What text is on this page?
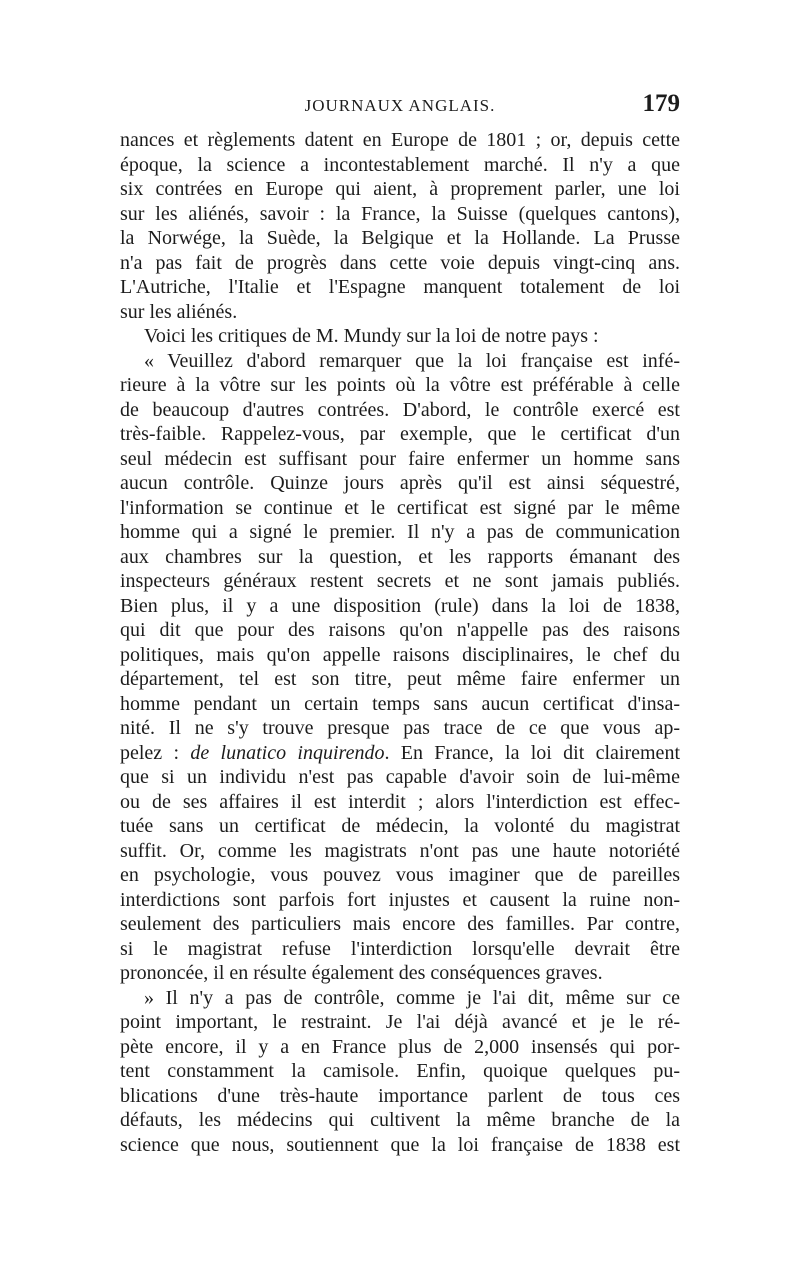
JOURNAUX ANGLAIS.	179
nances et règlements datent en Europe de 1801 ; or, depuis cette
époque, la science a incontestablement marché. Il n'y a que
six contrées en Europe qui aient, à proprement parler, une loi
sur les aliénés, savoir : la France, la Suisse (quelques cantons),
la Norwége, la Suède, la Belgique et la Hollande. La Prusse
n'a pas fait de progrès dans cette voie depuis vingt-cinq ans.
L'Autriche, l'Italie et l'Espagne manquent totalement de loi
sur les aliénés.
Voici les critiques de M. Mundy sur la loi de notre pays :
« Veuillez d'abord remarquer que la loi française est infé-
rieure à la vôtre sur les points où la vôtre est préférable à celle
de beaucoup d'autres contrées. D'abord, le contrôle exercé est
très-faible. Rappelez-vous, par exemple, que le certificat d'un
seul médecin est suffisant pour faire enfermer un homme sans
aucun contrôle. Quinze jours après qu'il est ainsi séquestré,
l'information se continue et le certificat est signé par le même
homme qui a signé le premier. Il n'y a pas de communication
aux chambres sur la question, et les rapports émanant des
inspecteurs généraux restent secrets et ne sont jamais publiés.
Bien plus, il y a une disposition (rule) dans la loi de 1838,
qui dit que pour des raisons qu'on n'appelle pas des raisons
politiques, mais qu'on appelle raisons disciplinaires, le chef du
département, tel est son titre, peut même faire enfermer un
homme pendant un certain temps sans aucun certificat d'insa-
nité. Il ne s'y trouve presque pas trace de ce que vous ap-
pelez : de lunatico inquirendo. En France, la loi dit clairement
que si un individu n'est pas capable d'avoir soin de lui-même
ou de ses affaires il est interdit ; alors l'interdiction est effec-
tuée sans un certificat de médecin, la volonté du magistrat
suffit. Or, comme les magistrats n'ont pas une haute notoriété
en psychologie, vous pouvez vous imaginer que de pareilles
interdictions sont parfois fort injustes et causent la ruine non-
seulement des particuliers mais encore des familles. Par contre,
si le magistrat refuse l'interdiction lorsqu'elle devrait être
prononcée, il en résulte également des conséquences graves.
» Il n'y a pas de contrôle, comme je l'ai dit, même sur ce
point important, le restraint. Je l'ai déjà avancé et je le ré-
pète encore, il y a en France plus de 2,000 insensés qui por-
tent constamment la camisole. Enfin, quoique quelques pu-
blications d'une très-haute importance parlent de tous ces
défauts, les médecins qui cultivent la même branche de la
science que nous, soutiennent que la loi française de 1838 est
